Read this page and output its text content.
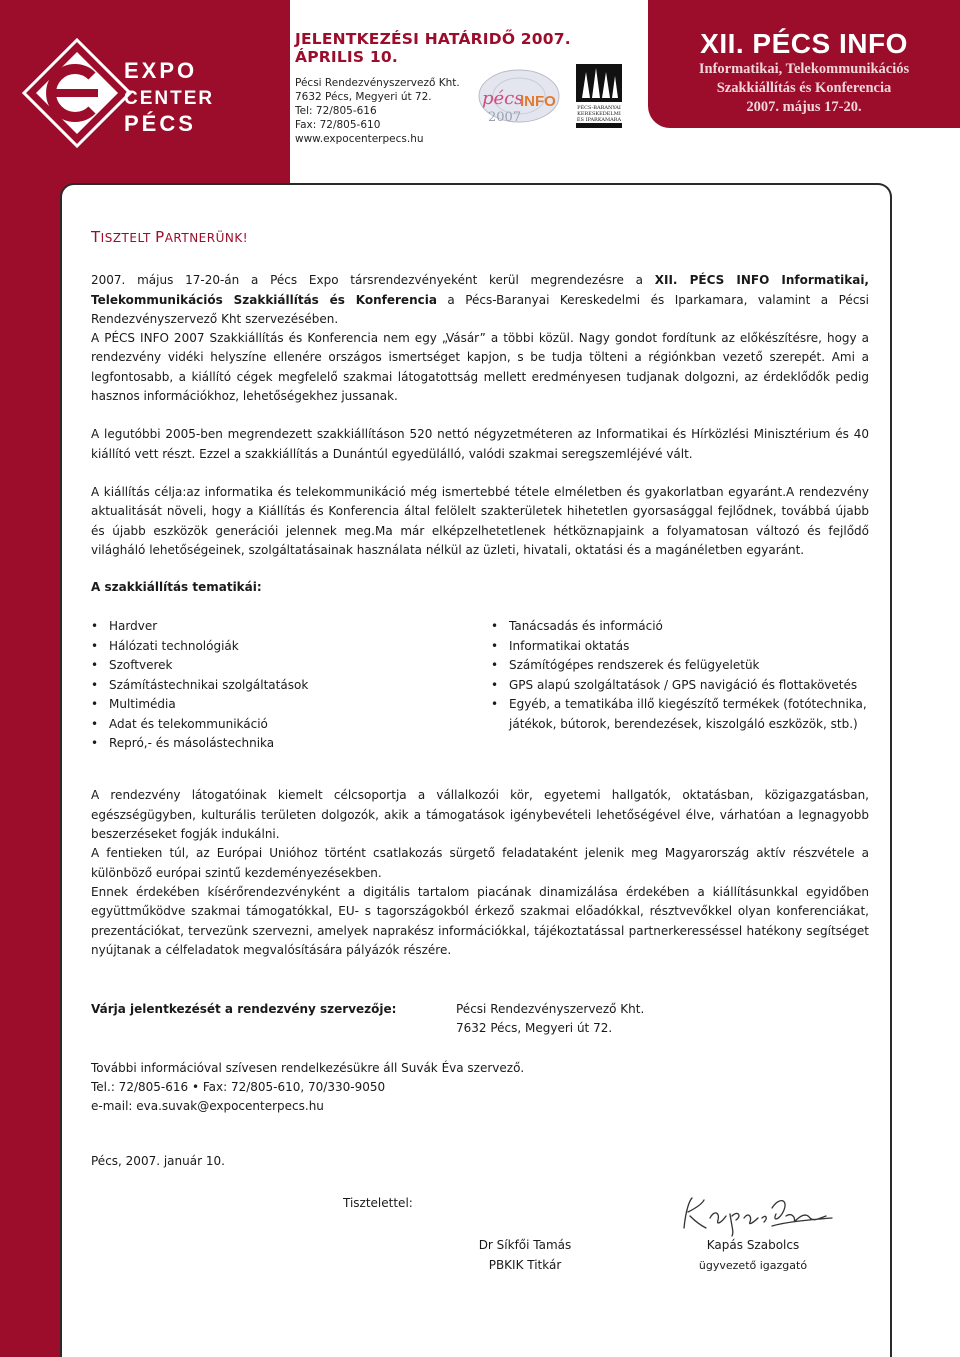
EXPO
CENTER
PÉCS
JELENTKEZÉSI HATÁRIDŐ 2007. ÁPRILIS 10.
Pécsi Rendezvényszervező Kht.
7632 Pécs, Megyeri út 72.
Tel: 72/805-616
Fax: 72/805-610
www.expocenterpecs.hu
pécs
INFO
2007
PÉCS-BARANYAI
KERESKEDELMI
ÉS IPARKAMARA
XII. PÉCS INFO
Informatikai, Telekommunikációs
Szakkiállítás és Konferencia
2007. május 17-20.
TISZTELT PARTNERÜNK!

2007. május 17-20-án a Pécs Expo társrendezvényeként kerül megrendezésre a XII. PÉCS INFO Informatikai, Telekommunikációs Szakkiállítás és Konferencia a Pécs-Baranyai Kereskedelmi és Iparkamara, valamint a Pécsi Rendezvényszervező Kht szervezésében.

A PÉCS INFO 2007 Szakkiállítás és Konferencia nem egy „Vásár” a többi közül. Nagy gondot fordítunk az előkészítésre, hogy a rendezvény vidéki helyszíne ellenére országos ismertséget kapjon, s be tudja tölteni a régiónkban vezető szerepét. Ami a legfontosabb, a kiállító cégek megfelelő szakmai látogatottság mellett eredményesen tudjanak dolgozni, az érdeklődők pedig hasznos információkhoz, lehetőségekhez jussanak.

A legutóbbi 2005-ben megrendezett szakkiállításon 520 nettó négyzetméteren az Informatikai és Hírközlési Minisztérium és 40 kiállító vett részt. Ezzel a szakkiállítás a Dunántúl egyedülálló, valódi szakmai seregszemléjévé vált.

A kiállítás célja:az informatika és telekommunikáció még ismertebbé tétele elméletben és gyakorlatban egyaránt.A rendezvény aktualitását növeli, hogy a Kiállítás és Konferencia által felölelt szakterületek hihetetlen gyorsasággal fejlődnek, továbbá újabb és újabb eszközök generációi jelennek meg.Ma már elképzelhetetlenek hétköznapjaink a folyamatosan változó és fejlődő világháló lehetőségeinek, szolgáltatásainak használata nélkül az üzleti, hivatali, oktatási és a magánéletben egyaránt.

A szakkiállítás tematikái:
• Hardver
• Hálózati technológiák
• Szoftverek
• Számítástechnikai szolgáltatások
• Multimédia
• Adat és telekommunikáció
• Repró,- és másolástechnika
• Tanácsadás és információ
• Informatikai oktatás
• Számítógépes rendszerek és felügyeletük
• GPS alapú szolgáltatások / GPS navigáció és flottakövetés
• Egyéb, a tematikába illő kiegészítő termékek (fotótechnika, játékok, bútorok, berendezések, kiszolgáló eszközök, stb.)

A rendezvény látogatóinak kiemelt célcsoportja a vállalkozói kör, egyetemi hallgatók, oktatásban, közigazgatásban, egészségügyben, kulturális területen dolgozók, akik a támogatások igénybevételi lehetőségével élve, várhatóan a legnagyobb beszerzéseket fogják indukálni.

A fentieken túl, az Európai Unióhoz történt csatlakozás sürgető feladataként jelenik meg Magyarország aktív részvétele a különböző európai szintű kezdeményezésekben.

Ennek érdekében kísérőrendezvényként a digitális tartalom piacának dinamizálása érdekében a kiállításunkkal egyidőben együttműködve szakmai támogatókkal, EU- s tagországokból érkező szakmai előadókkal, résztvevőkkel olyan konferenciákat, prezentációkat, tervezünk szervezni, amelyek naprakész információkkal, tájékoztatással partnerkeresséssel hatékony segítséget nyújtanak a célfeladatok megvalósítására pályázók részére.

Várja jelentkezését a rendezvény szervezője:	Pécsi Rendezvényszervező Kht.
7632 Pécs, Megyeri út 72.
További információval szívesen rendelkezésükre áll Suvák Éva szervező.
Tel.: 72/805-616 • Fax: 72/805-610, 70/330-9050
e-mail: eva.suvak@expocenterpecs.hu
Pécs, 2007. január 10.
Tisztelettel:
Dr Síkfői Tamás
PBKIK Titkár
Kapás Szabolcs
ügyvezető igazgató
